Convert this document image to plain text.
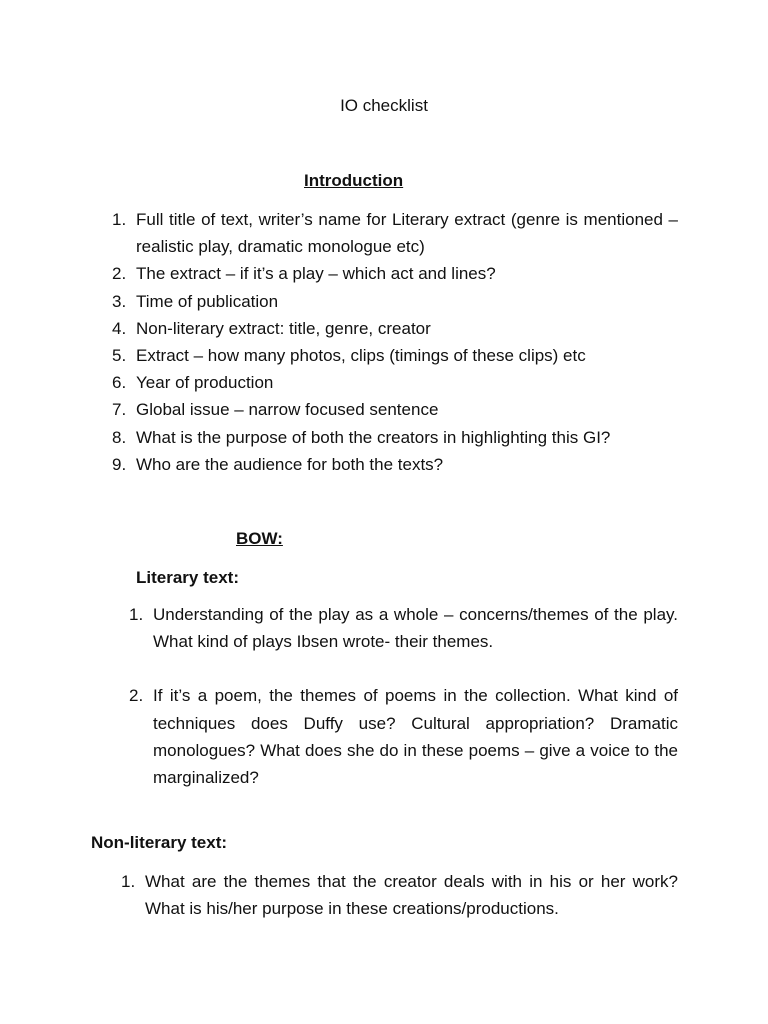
IO checklist
Introduction
1. Full title of text, writer’s name for Literary extract (genre is mentioned – realistic play, dramatic monologue etc)
2. The extract – if it’s a play – which act and lines?
3. Time of publication
4. Non-literary extract: title, genre, creator
5. Extract – how many photos, clips (timings of these clips) etc
6. Year of production
7. Global issue – narrow focused sentence
8. What is the purpose of both the creators in highlighting this GI?
9. Who are the audience for both the texts?
BOW:
Literary text:
1. Understanding of the play as a whole – concerns/themes of the play. What kind of plays Ibsen wrote- their themes.
2. If it’s a poem, the themes of poems in the collection. What kind of techniques does Duffy use? Cultural appropriation? Dramatic monologues? What does she do in these poems – give a voice to the marginalized?
Non-literary text:
1. What are the themes that the creator deals with in his or her work? What is his/her purpose in these creations/productions.
